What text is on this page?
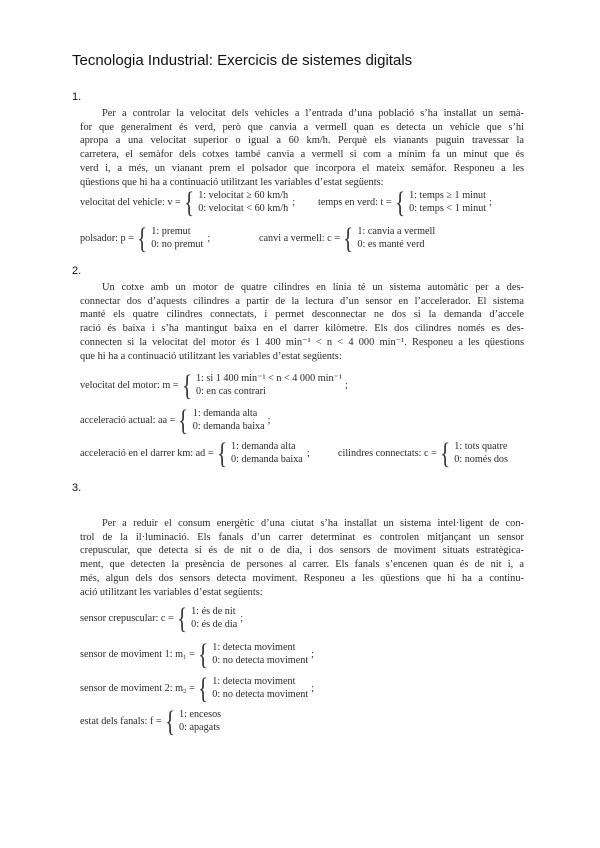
Tecnologia Industrial: Exercicis de sistemes digitals
1.
Per a controlar la velocitat dels vehicles a l’entrada d’una població s’ha installat un semà-
for que generalment és verd, però que canvia a vermell quan es detecta un vehicle que s’hi
apropa a una velocitat superior o igual a 60 km/h. Perquè els vianants puguin travessar la
carretera, el semàfor dels cotxes també canvia a vermell si com a mínim fa un minut que és
verd i, a més, un vianant prem el polsador que incorpora el mateix semàfor. Responeu a les
qüestions que hi ha a continuació utilitzant les variables d’estat següents:
velocitat del vehicle: v = { 1: velocitat ≥ 60 km/h
0: velocitat < 60 km/h ; temps en verd: t = { 1: temps ≥ 1 minut
0: temps < 1 minut ;
polsador: p = { 1: premut
0: no premut ;	canvi a vermell: c = { 1: canvia a vermell
0: es manté verd
2.
Un cotxe amb un motor de quatre cilindres en línia té un sistema automàtic per a des-
connectar dos d’aquests cilindres a partir de la lectura d’un sensor en l’accelerador. El sistema
manté els quatre cilindres connectats, i permet desconnectar ne dos si la demanda d’accele
ració és baixa i s’ha mantingut baixa en el darrer kilòmetre. Els dos cilindres només es des-
connecten si la velocitat del motor és 1 400 min⁻¹ < n < 4 000 min⁻¹. Responeu a les qüestions
que hi ha a continuació utilitzant les variables d’estat següents:
velocitat del motor: m = { 1: si 1 400 min⁻¹ < n < 4 000 min⁻¹
0: en cas contrari	;
acceleració actual: aa = { 1: demanda alta
0: demanda baixa ;
acceleració en el darrer km: ad = { 1: demanda alta
0: demanda baixa ;	cilindres connectats: c = { 1: tots quatre
0: només dos
3.
Per a reduir el consum energètic d’una ciutat s’ha installat un sistema intel·ligent de con-
trol de la il·luminació. Els fanals d’un carrer determinat es controlen mitjançant un sensor
crepuscular, que detecta si és de nit o de dia, i dos sensors de moviment situats estratègica-
ment, que detecten la presència de persones al carrer. Els fanals s’encenen quan és de nit i, a
més, algun dels dos sensors detecta moviment. Responeu a les qüestions que hi ha a continu-
ació utilitzant les variables d’estat següents:
sensor crepuscular: c = { 1: és de nit
0: és de dia ;
sensor de moviment 1: m₁ = { 1: detecta moviment
0: no detecta moviment ;
sensor de moviment 2: m₂ = { 1: detecta moviment
0: no detecta moviment ;
estat dels fanals: f = { 1: encesos
0: apagats
